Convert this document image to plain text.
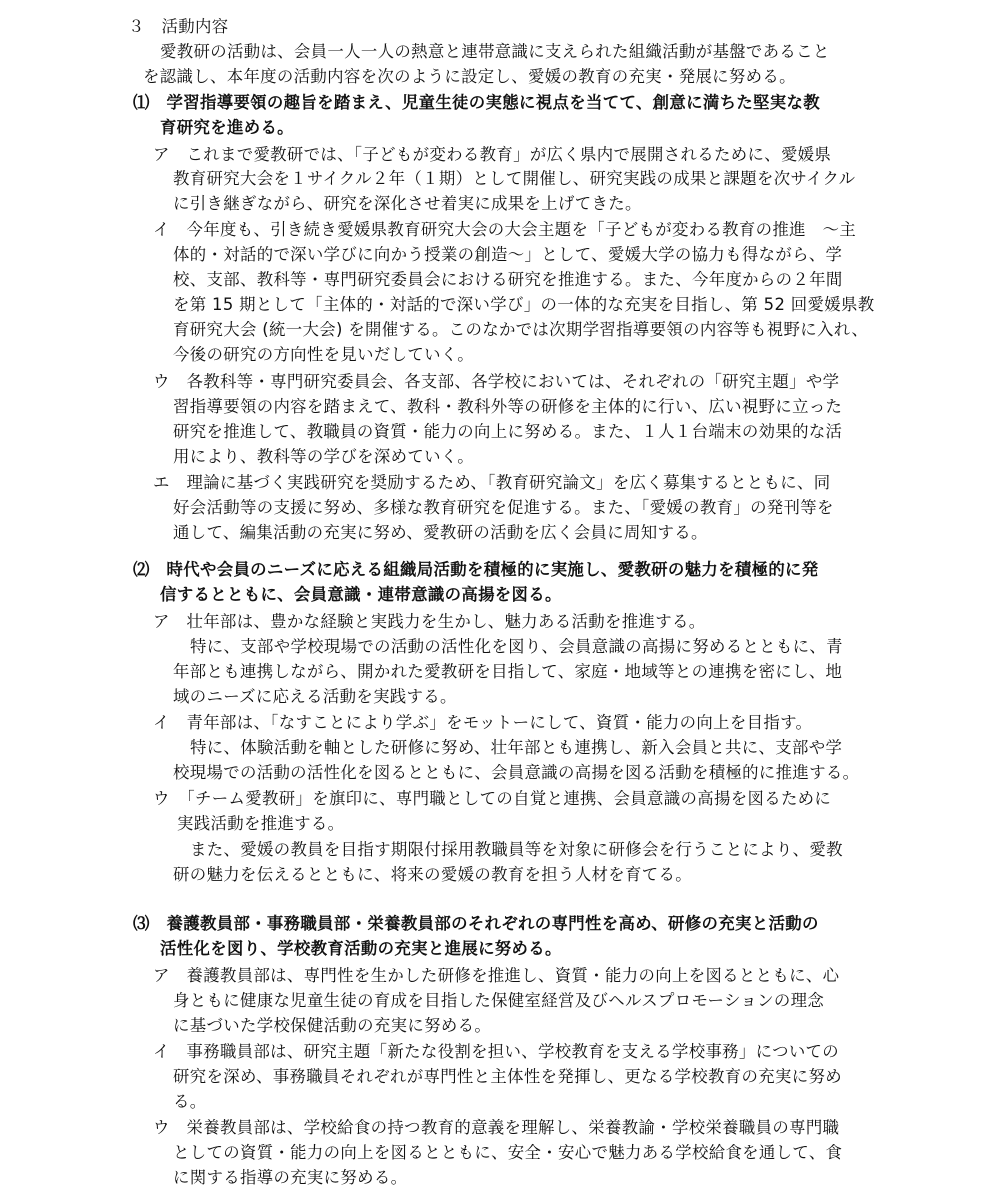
３　活動内容
愛教研の活動は、会員一人一人の熱意と連帯意識に支えられた組織活動が基盤であること
を認識し、本年度の活動内容を次のように設定し、愛媛の教育の充実・発展に努める。
⑴　学習指導要領の趣旨を踏まえ、児童生徒の実態に視点を当てて、創意に満ちた堅実な教
育研究を進める。
ア　これまで愛教研では、「子どもが変わる教育」が広く県内で展開されるために、愛媛県
教育研究大会を１サイクル２年（１期）として開催し、研究実践の成果と課題を次サイクル
に引き継ぎながら、研究を深化させ着実に成果を上げてきた。
イ　今年度も、引き続き愛媛県教育研究大会の大会主題を「子どもが変わる教育の推進　〜主
体的・対話的で深い学びに向かう授業の創造〜」として、愛媛大学の協力も得ながら、学
校、支部、教科等・専門研究委員会における研究を推進する。また、今年度からの２年間
を第 15 期として「主体的・対話的で深い学び」の一体的な充実を目指し、第 52 回愛媛県教
育研究大会 (統一大会) を開催する。このなかでは次期学習指導要領の内容等も視野に入れ、
今後の研究の方向性を見いだしていく。
ウ　各教科等・専門研究委員会、各支部、各学校においては、それぞれの「研究主題」や学
習指導要領の内容を踏まえて、教科・教科外等の研修を主体的に行い、広い視野に立った
研究を推進して、教職員の資質・能力の向上に努める。また、１人１台端末の効果的な活
用により、教科等の学びを深めていく。
エ　理論に基づく実践研究を奨励するため、「教育研究論文」を広く募集するとともに、同
好会活動等の支援に努め、多様な教育研究を促進する。また、「愛媛の教育」の発刊等を
通して、編集活動の充実に努め、愛教研の活動を広く会員に周知する。
⑵　時代や会員のニーズに応える組織局活動を積極的に実施し、愛教研の魅力を積極的に発
信するとともに、会員意識・連帯意識の高揚を図る。
ア　壮年部は、豊かな経験と実践力を生かし、魅力ある活動を推進する。
特に、支部や学校現場での活動の活性化を図り、会員意識の高揚に努めるとともに、青
年部とも連携しながら、開かれた愛教研を目指して、家庭・地域等との連携を密にし、地
域のニーズに応える活動を実践する。
イ　青年部は、「なすことにより学ぶ」をモットーにして、資質・能力の向上を目指す。
特に、体験活動を軸とした研修に努め、壮年部とも連携し、新入会員と共に、支部や学
校現場での活動の活性化を図るとともに、会員意識の高揚を図る活動を積極的に推進する。
ウ　「チーム愛教研」を旗印に、専門職としての自覚と連携、会員意識の高揚を図るために
実践活動を推進する。
また、愛媛の教員を目指す期限付採用教職員等を対象に研修会を行うことにより、愛教
研の魅力を伝えるとともに、将来の愛媛の教育を担う人材を育てる。
⑶　養護教員部・事務職員部・栄養教員部のそれぞれの専門性を高め、研修の充実と活動の
活性化を図り、学校教育活動の充実と進展に努める。
ア　養護教員部は、専門性を生かした研修を推進し、資質・能力の向上を図るとともに、心
身ともに健康な児童生徒の育成を目指した保健室経営及びヘルスプロモーションの理念
に基づいた学校保健活動の充実に努める。
イ　事務職員部は、研究主題「新たな役割を担い、学校教育を支える学校事務」についての
研究を深め、事務職員それぞれが専門性と主体性を発揮し、更なる学校教育の充実に努め
る。
ウ　栄養教員部は、学校給食の持つ教育的意義を理解し、栄養教諭・学校栄養職員の専門職
としての資質・能力の向上を図るとともに、安全・安心で魅力ある学校給食を通して、食
に関する指導の充実に努める。
